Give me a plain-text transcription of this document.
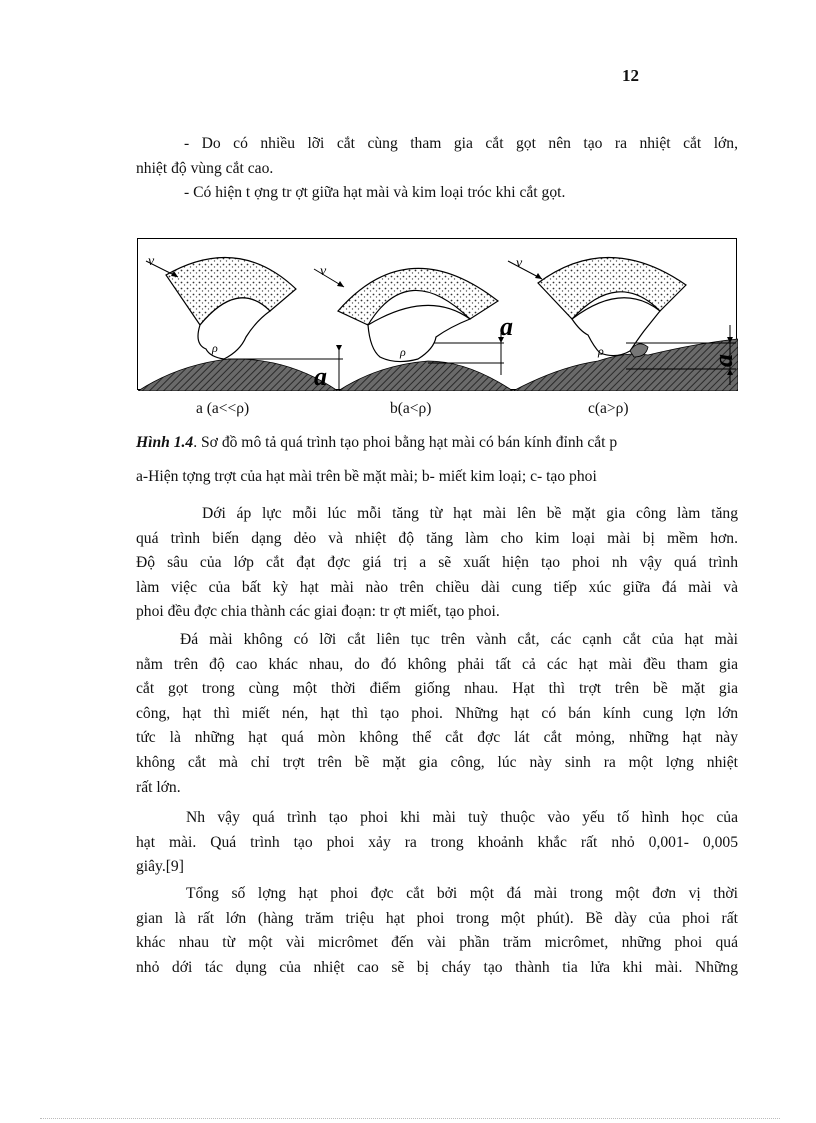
12
- Do có nhiều lỡi cắt cùng tham gia cắt gọt nên tạo ra nhiệt cắt lớn,
nhiệt độ vùng cắt cao.
- Có hiện t ợng tr ợt giữa hạt mài và kim loại tróc khi cắt gọt.
v
ρ
a
v
ρ
a
v
ρ
a
a (a<<ρ)	b(a<ρ)	c(a>ρ)
Hình 1.4. Sơ đồ mô tả quá trình tạo phoi bằng hạt mài có bán kính đỉnh cắt p
a-Hiện tợng trợt của hạt mài trên bề mặt mài; b- miết kim loại; c- tạo phoi
Dới áp lực mỗi lúc mỗi tăng từ hạt mài lên bề mặt gia công làm tăng
quá trình biến dạng dẻo và nhiệt độ tăng làm cho kim loại mài bị mềm hơn.
Độ sâu của lớp cắt đạt đợc giá trị a sẽ xuất hiện tạo phoi nh vậy quá trình
làm việc của bất kỳ hạt mài nào trên chiều dài cung tiếp xúc giữa đá mài và
phoi đều đợc chia thành các giai đoạn: tr ợt miết, tạo phoi.
Đá mài không có lỡi cắt liên tục trên vành cắt, các cạnh cắt của hạt mài
nằm trên độ cao khác nhau, do đó không phải tất cả các hạt mài đều tham gia
cắt gọt trong cùng một thời điểm giống nhau. Hạt thì trợt trên bề mặt gia
công, hạt thì miết nén, hạt thì tạo phoi. Những hạt có bán kính cung lợn lớn
tức là những hạt quá mòn không thể cắt đợc lát cắt mỏng, những hạt này
không cắt mà chỉ trợt trên bề mặt gia công, lúc này sinh ra một lợng nhiệt
rất lớn.
Nh vậy quá trình tạo phoi khi mài tuỳ thuộc vào yếu tố hình học của
hạt mài. Quá trình tạo phoi xảy ra trong khoảnh khắc rất nhỏ 0,001- 0,005
giây.[9]
Tổng số lợng hạt phoi đợc cắt bởi một đá mài trong một đơn vị thời
gian là rất lớn (hàng trăm triệu hạt phoi trong một phút). Bề dày của phoi rất
khác nhau từ một vài micrômet đến vài phần trăm micrômet, những phoi quá
nhỏ dới tác dụng của nhiệt cao sẽ bị cháy tạo thành tia lửa khi mài. Những
